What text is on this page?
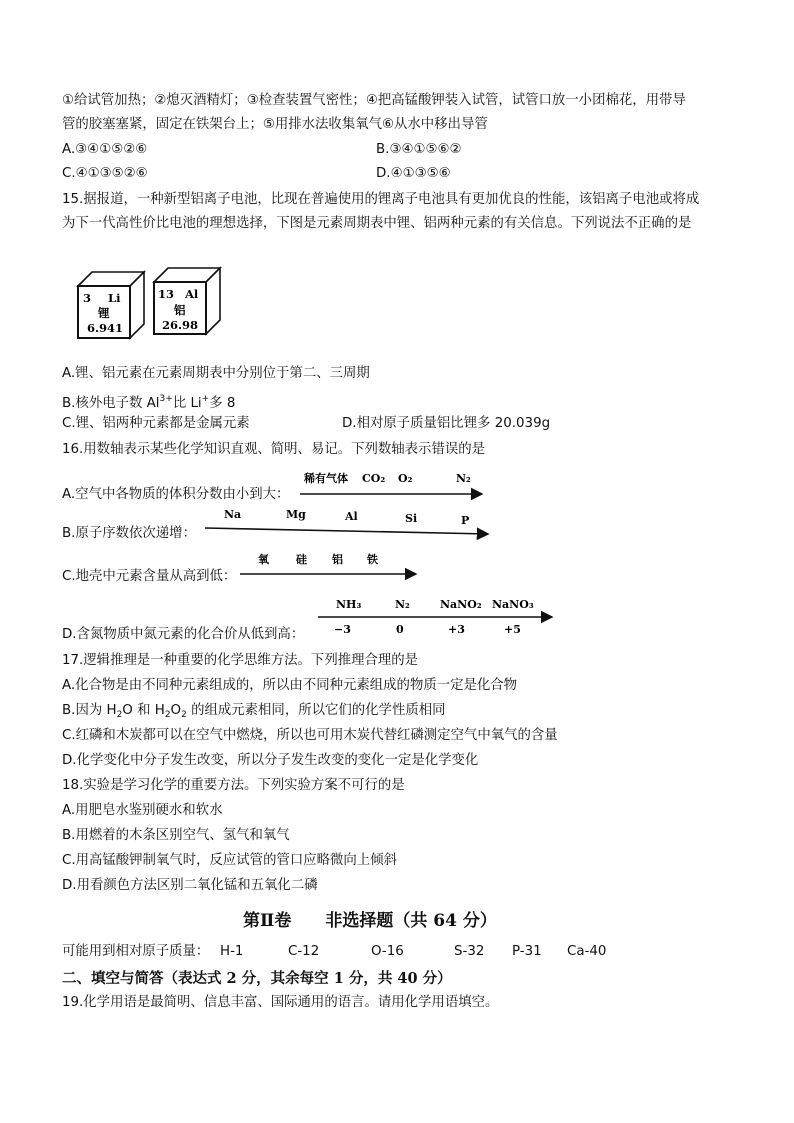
①给试管加热；②熄灭酒精灯；③检查装置气密性；④把高锰酸钾装入试管，试管口放一小团棉花，用带导
管的胶塞塞紧，固定在铁架台上；⑤用排水法收集氧气⑥从水中移出导管
A.③④①⑤②⑥	B.③④①⑤⑥②
C.④①③⑤②⑥	D.④①③⑤⑥
15.据报道，一种新型铝离子电池，比现在普遍使用的锂离子电池具有更加优良的性能，该铝离子电池或将成
为下一代高性价比电池的理想选择，下图是元素周期表中锂、铝两种元素的有关信息。下列说法不正确的是
3 Li
锂
6.941
13 Al
铝
26.98
A.锂、铝元素在元素周期表中分别位于第二、三周期
B.核外电子数 $Al^{3+}$比 Li+多 8
C.锂、铝两种元素都是金属元素	D.相对原子质量铝比锂多 20.039g
16.用数轴表示某些化学知识直观、简明、易记。下列数轴表示错误的是
A.空气中各物质的体积分数由小到大：
B.原子序数依次递增：
C.地壳中元素含量从高到低：
D.含氮物质中氮元素的化合价从低到高：
稀有气体 CO₂ O₂	N₂
Na	Mg	Al	Si	P
氧 硅 铝 铁
NH₃	N₂	NaNO₂ NaNO₃
−3	0	+3	+5
17.逻辑推理是一种重要的化学思维方法。下列推理合理的是
A.化合物是由不同种元素组成的，所以由不同种元素组成的物质一定是化合物
B.因为 $H_2O$ 和 $H_2O_2$ 的组成元素相同，所以它们的化学性质相同
C.红磷和木炭都可以在空气中燃烧，所以也可用木炭代替红磷测定空气中氧气的含量
D.化学变化中分子发生改变，所以分子发生改变的变化一定是化学变化
18.实验是学习化学的重要方法。下列实验方案不可行的是
A.用肥皂水鉴别硬水和软水
B.用燃着的木条区别空气、氢气和氧气
C.用高锰酸钾制氧气时，反应试管的管口应略微向上倾斜
D.用看颜色方法区别二氧化锰和五氧化二磷
第Ⅱ卷　　非选择题（共 64 分）
可能用到相对原子质量： H-1	C-12	O-16	S-32 P-31 Ca-40
二、填空与简答（表达式 2 分，其余每空 1 分，共 40 分）
19.化学用语是最简明、信息丰富、国际通用的语言。请用化学用语填空。
